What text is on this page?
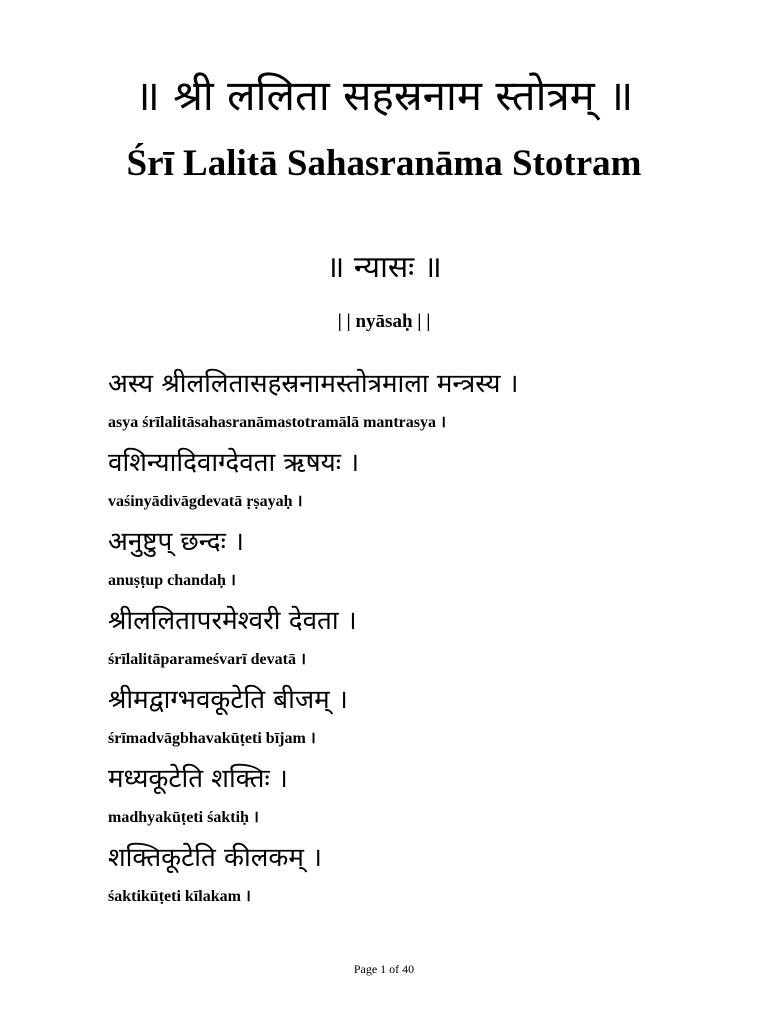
॥ श्री ललिता सहस्रनाम स्तोत्रम् ॥
Śrī Lalitā Sahasranāma Stotram
॥ न्यासः ॥
| | nyāsaḥ | |
अस्य श्रीललितासहस्रनामस्तोत्रमाला मन्त्रस्य ।
asya śrīlalitāsahasranāmastotramālā mantrasya ।
वशिन्यादिवाग्देवता ऋषयः ।
vaśinyādivāgdevatā ṛṣayaḥ ।
अनुष्टुप् छन्दः ।
anuṣṭup chandaḥ ।
श्रीललितापरमेश्वरी देवता ।
śrīlalitāparameśvarī devatā ।
श्रीमद्वाग्भवकूटेति बीजम् ।
śrīmadvāgbhavakūṭeti bījam ।
मध्यकूटेति शक्तिः ।
madhyakūṭeti śaktiḥ ।
शक्तिकूटेति कीलकम् ।
śaktikūṭeti kīlakam ।
Page 1 of 40
